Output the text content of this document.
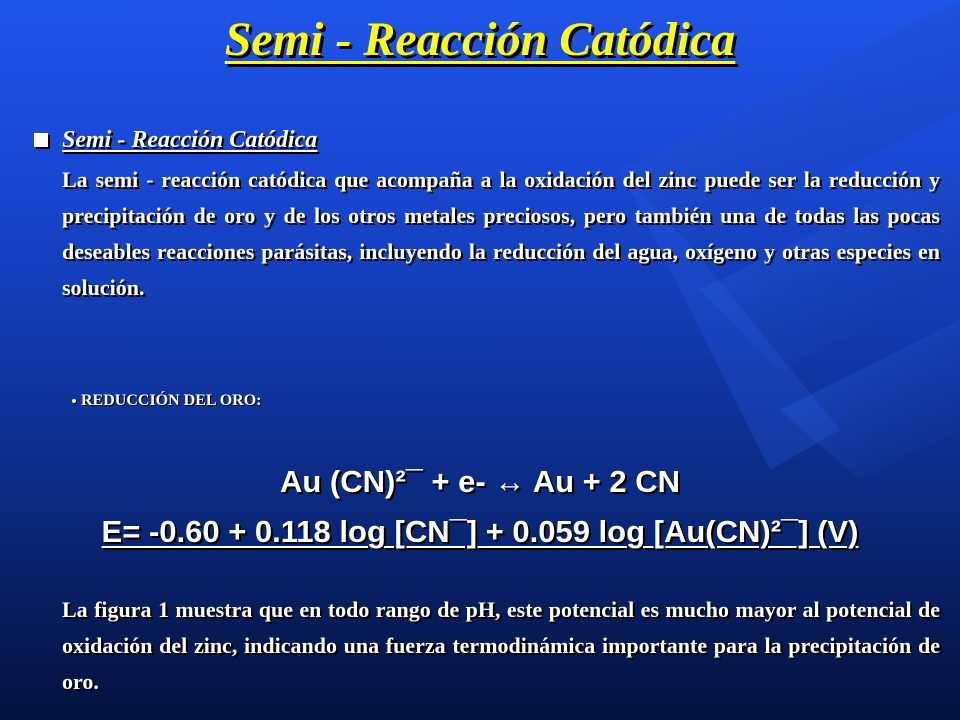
Semi - Reacción Catódica
Semi - Reacción Catódica
La semi - reacción catódica que acompaña a la oxidación del zinc puede ser la reducción y precipitación de oro y de los otros metales preciosos, pero también una de todas las pocas deseables reacciones parásitas, incluyendo la reducción del agua, oxígeno y otras especies en solución.
REDUCCIÓN DEL ORO:
Au (CN)²¯ + e- ↔ Au + 2 CN
E= -0.60 + 0.118 log [CN¯] + 0.059 log [Au(CN)²¯] (V)
La figura 1 muestra que en todo rango de pH, este potencial es mucho mayor al potencial de oxidación del zinc, indicando una fuerza termodinámica importante para la precipitación de oro.
